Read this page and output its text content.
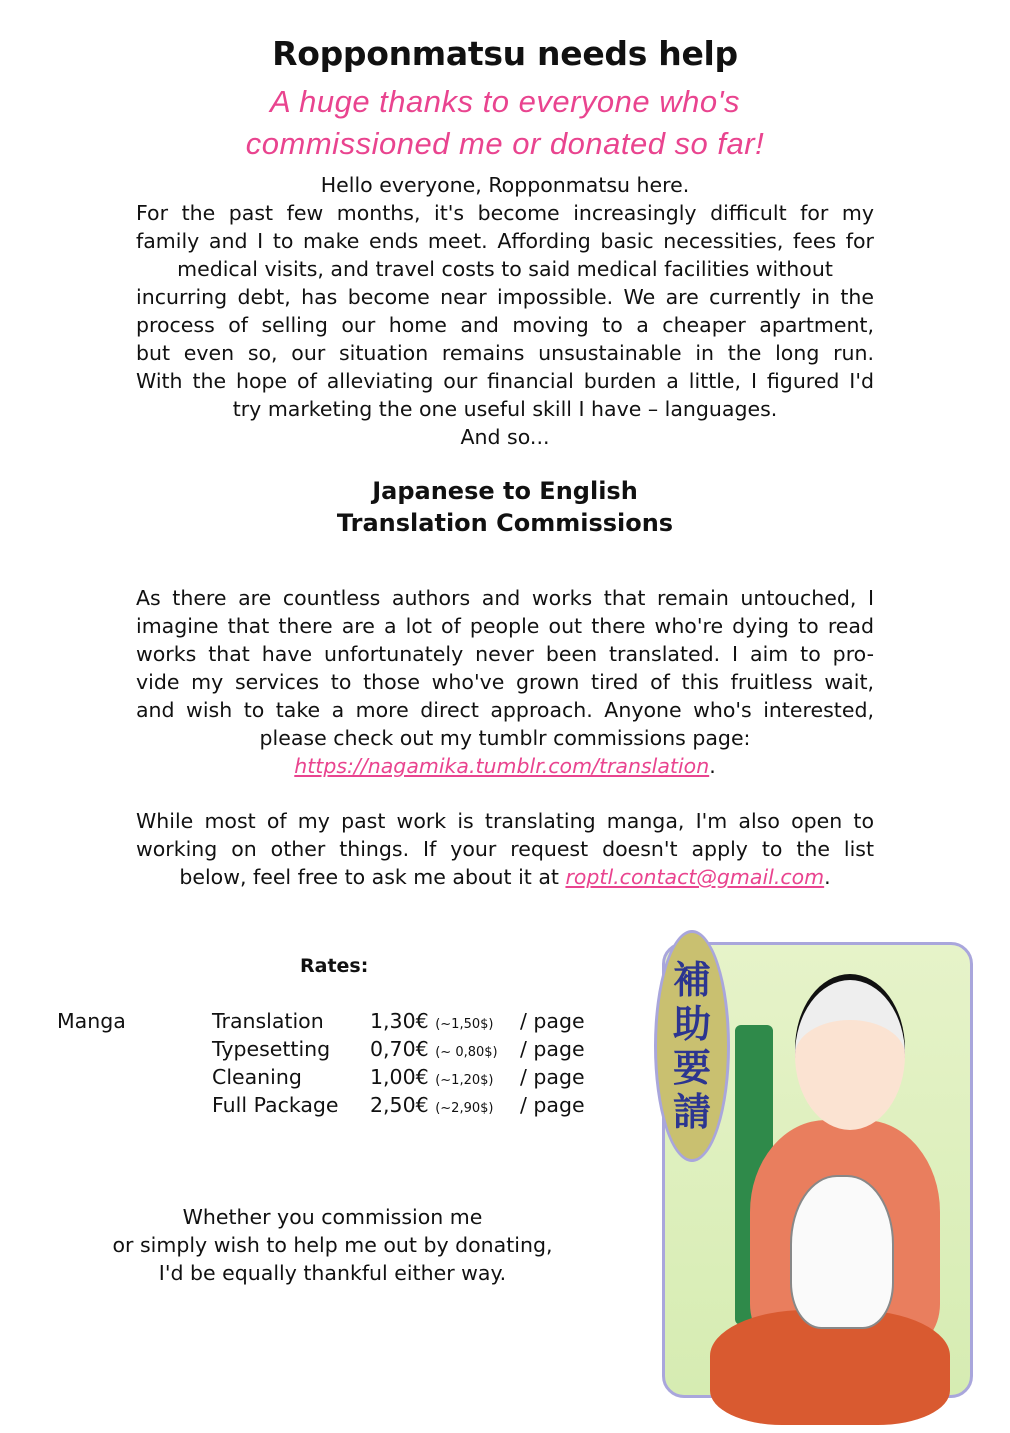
Ropponmatsu needs help
A huge thanks to everyone who's
commissioned me or donated so far!
Hello everyone, Ropponmatsu here.
For the past few months, it's become increasingly difficult for my
family and I to make ends meet. Affording basic necessities, fees for
medical visits, and travel costs to said medical facilities without
incurring debt, has become near impossible. We are currently in the
process of selling our home and moving to a cheaper apartment,
but even so, our situation remains unsustainable in the long run.
With the hope of alleviating our financial burden a little, I figured I'd
try marketing the one useful skill I have – languages.
And so...
Japanese to English
Translation Commissions
As there are countless authors and works that remain untouched, I
imagine that there are a lot of people out there who're dying to read
works that have unfortunately never been translated. I aim to pro-
vide my services to those who've grown tired of this fruitless wait,
and wish to take a more direct approach. Anyone who's interested,
please check out my tumblr commissions page:
https://nagamika.tumblr.com/translation.
While most of my past work is translating manga, I'm also open to
working on other things. If your request doesn't apply to the list
below, feel free to ask me about it at roptl.contact@gmail.com.
Rates:
Manga	Translation 1,30€ (~1,50$) / page
Typesetting 0,70€ (~ 0,80$) / page
Cleaning	1,00€ (~1,20$) / page
Full Package 2,50€ (~2,90$) / page
Whether you commission me
or simply wish to help me out by donating,
I'd be equally thankful either way.
補
助
要
請
